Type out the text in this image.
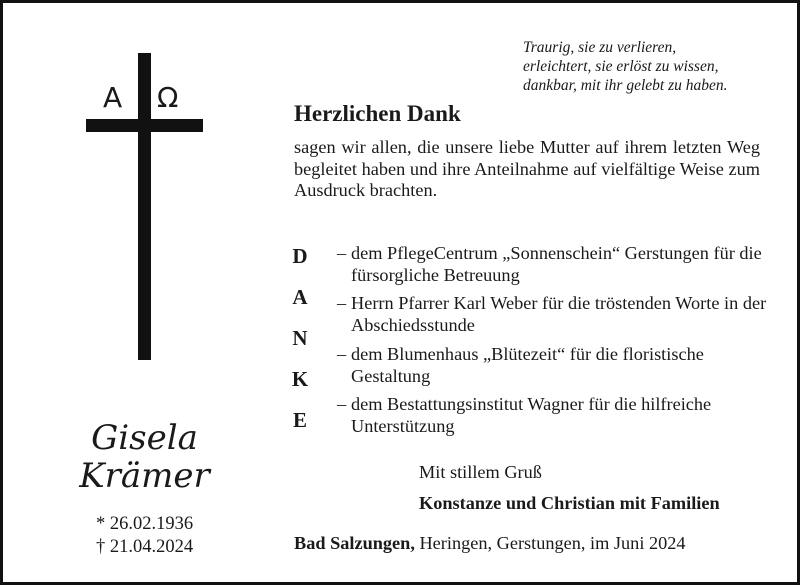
Traurig, sie zu verlieren,
erleichtert, sie erlöst zu wissen,
dankbar, mit ihr gelebt zu haben.
Α Ω
Gisela
Krämer
* 26.02.1936
† 21.04.2024
Herzlichen Dank
sagen wir allen, die unsere liebe Mutter auf ihrem letzten Weg begleitet haben und ihre Anteilnahme auf vielfältige Weise zum Ausdruck brachten.
D
A
N
K
E
– dem PflegeCentrum „Sonnenschein“ Gerstungen für die fürsorgliche Betreuung
– Herrn Pfarrer Karl Weber für die tröstenden Worte in der Abschiedsstunde
– dem Blumenhaus „Blütezeit“ für die floristische Gestaltung
– dem Bestattungsinstitut Wagner für die hilfreiche Unterstützung
Mit stillem Gruß
Konstanze und Christian mit Familien
Bad Salzungen, Heringen, Gerstungen, im Juni 2024
